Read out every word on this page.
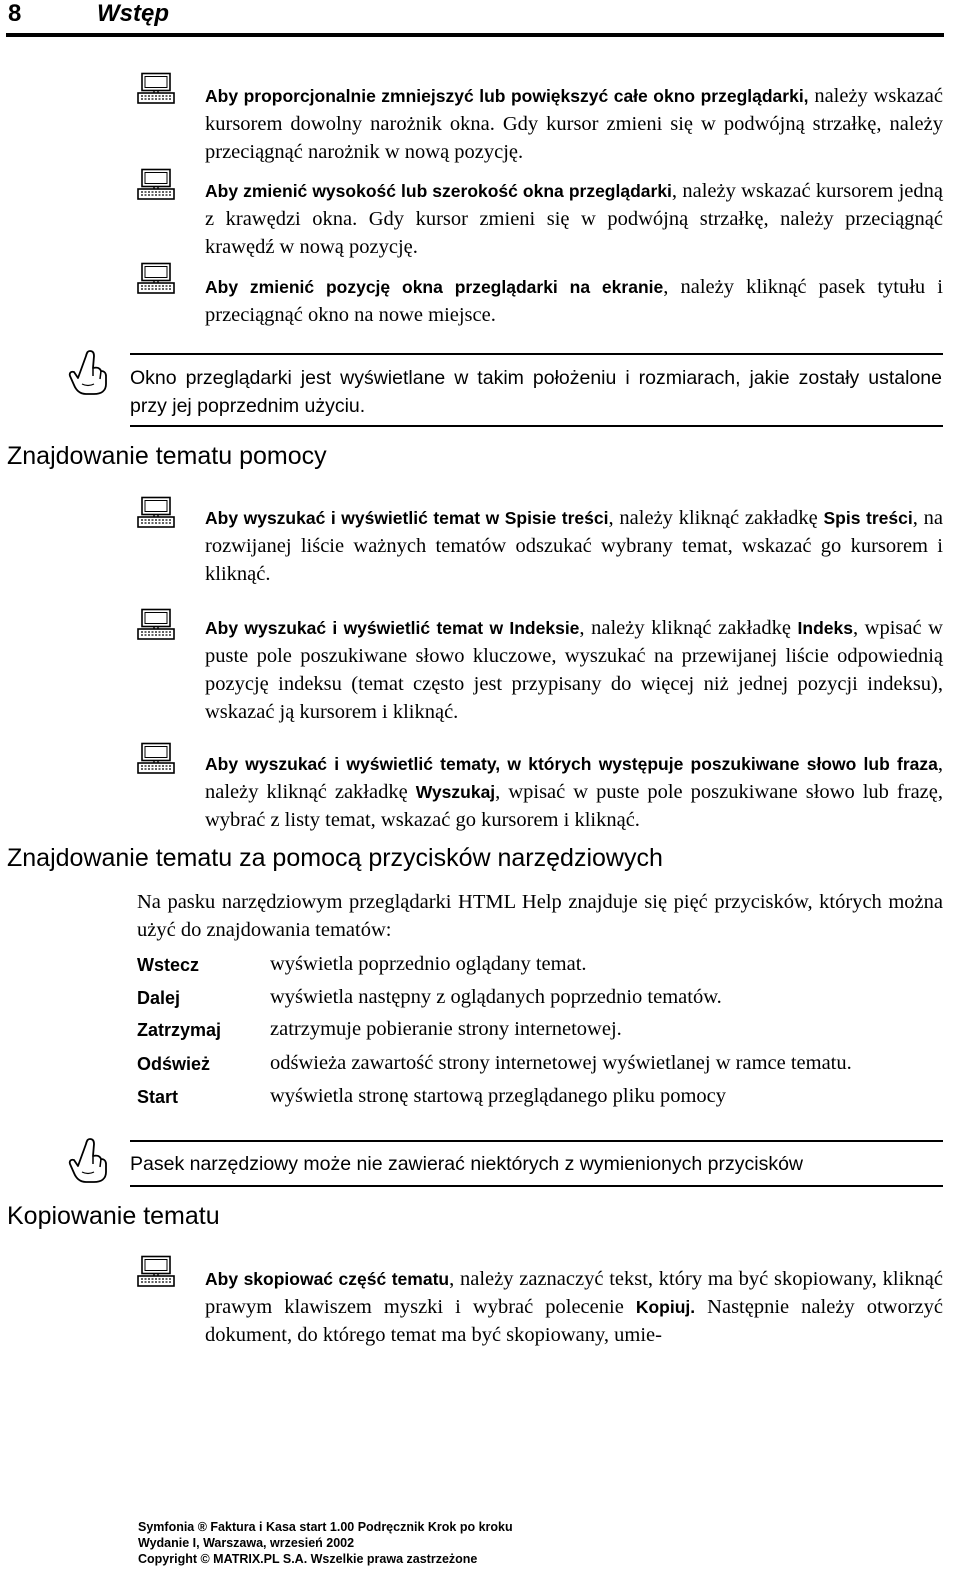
8	Wstęp
Aby proporcjonalnie zmniejszyć lub powiększyć całe okno przeglądarki, należy wskazać kursorem dowolny narożnik okna. Gdy kursor zmieni się w podwójną strzałkę, należy przeciągnąć narożnik w nową pozycję.
Aby zmienić wysokość lub szerokość okna przeglądarki, należy wskazać kursorem jedną z krawędzi okna. Gdy kursor zmieni się w podwójną strzałkę, należy przeciągnąć krawędź w nową pozycję.
Aby zmienić pozycję okna przeglądarki na ekranie, należy kliknąć pasek tytułu i przeciągnąć okno na nowe miejsce.
Okno przeglądarki jest wyświetlane w takim położeniu i rozmiarach, jakie zostały ustalone przy jej poprzednim użyciu.
Znajdowanie tematu pomocy
Aby wyszukać i wyświetlić temat w Spisie treści, należy kliknąć zakładkę Spis treści, na rozwijanej liście ważnych tematów odszukać wybrany temat, wskazać go kursorem i kliknąć.
Aby wyszukać i wyświetlić temat w Indeksie, należy kliknąć zakładkę Indeks, wpisać w puste pole poszukiwane słowo kluczowe, wyszukać na przewijanej liście odpowiednią pozycję indeksu (temat często jest przypisany do więcej niż jednej pozycji indeksu), wskazać ją kursorem i kliknąć.
Aby wyszukać i wyświetlić tematy, w których występuje poszukiwane słowo lub fraza, należy kliknąć zakładkę Wyszukaj, wpisać w puste pole poszukiwane słowo lub frazę, wybrać z listy temat, wskazać go kursorem i kliknąć.
Znajdowanie tematu za pomocą przycisków narzędziowych
Na pasku narzędziowym przeglądarki HTML Help znajduje się pięć przycisków, których można użyć do znajdowania tematów:
Wstecz	wyświetla poprzednio oglądany temat.
Dalej	wyświetla następny z oglądanych poprzednio tematów.
Zatrzymaj zatrzymuje pobieranie strony internetowej.
Odśwież	odświeża zawartość strony internetowej wyświetlanej w ramce tematu.
Start	wyświetla stronę startową przeglądanego pliku pomocy
Pasek narzędziowy może nie zawierać niektórych z wymienionych przycisków
Kopiowanie tematu
Aby skopiować część tematu, należy zaznaczyć tekst, który ma być skopiowany, kliknąć prawym klawiszem myszki i wybrać polecenie Kopiuj. Następnie należy otworzyć dokument, do którego temat ma być skopiowany, umie-
Symfonia ® Faktura i Kasa start 1.00 Podręcznik Krok po kroku
Wydanie I, Warszawa, wrzesień 2002
Copyright © MATRIX.PL S.A. Wszelkie prawa zastrzeżone
